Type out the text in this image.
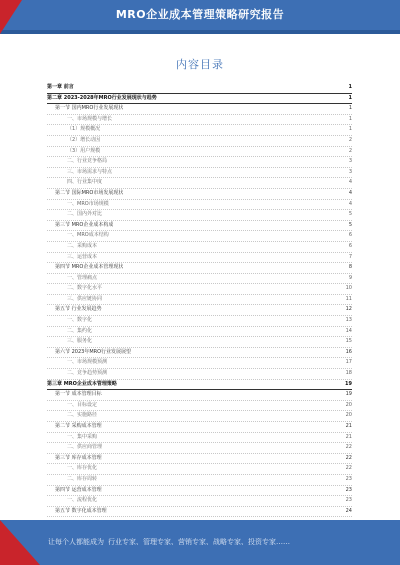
MRO企业成本管理策略研究报告
内容目录
第一章 前言	1
第二章 2023-2028年MRO行业发展现状与趋势	1
第一节 国内MRO行业发展现状	1
一、市场规模与增长	1
（1）规模概况	1
（2）增长动因	2
（3）用户规模	2
二、行业竞争格局	3
三、市场需求与特点	3
四、行业集中度	4
第二节 国际MRO市场发展现状	4
一、MRO市场规模	4
二、国内外对比	5
第三节 MRO企业成本构成	5
一、MRO成本结构	6
二、采购成本	6
三、运营成本	7
第四节 MRO企业成本管理现状	8
一、管理痛点	9
二、数字化水平	10
三、供应链协同	11
第五节 行业发展趋势	12
一、数字化	13
二、集约化	14
三、服务化	15
第六节 2023年MRO行业发展展望	16
一、市场规模预测	17
二、竞争趋势预测	18
第三章 MRO企业成本管理策略	19
第一节 成本管理目标	19
一、目标设定	20
二、实施路径	20
第二节 采购成本管理	21
一、集中采购	21
二、供应商管理	22
第三节 库存成本管理	22
一、库存优化	22
二、库存周转	23
第四节 运营成本管理	23
一、流程优化	23
第五节 数字化成本管理	24
让每个人都能成为 行业专家、管理专家、营销专家、战略专家、投资专家……
